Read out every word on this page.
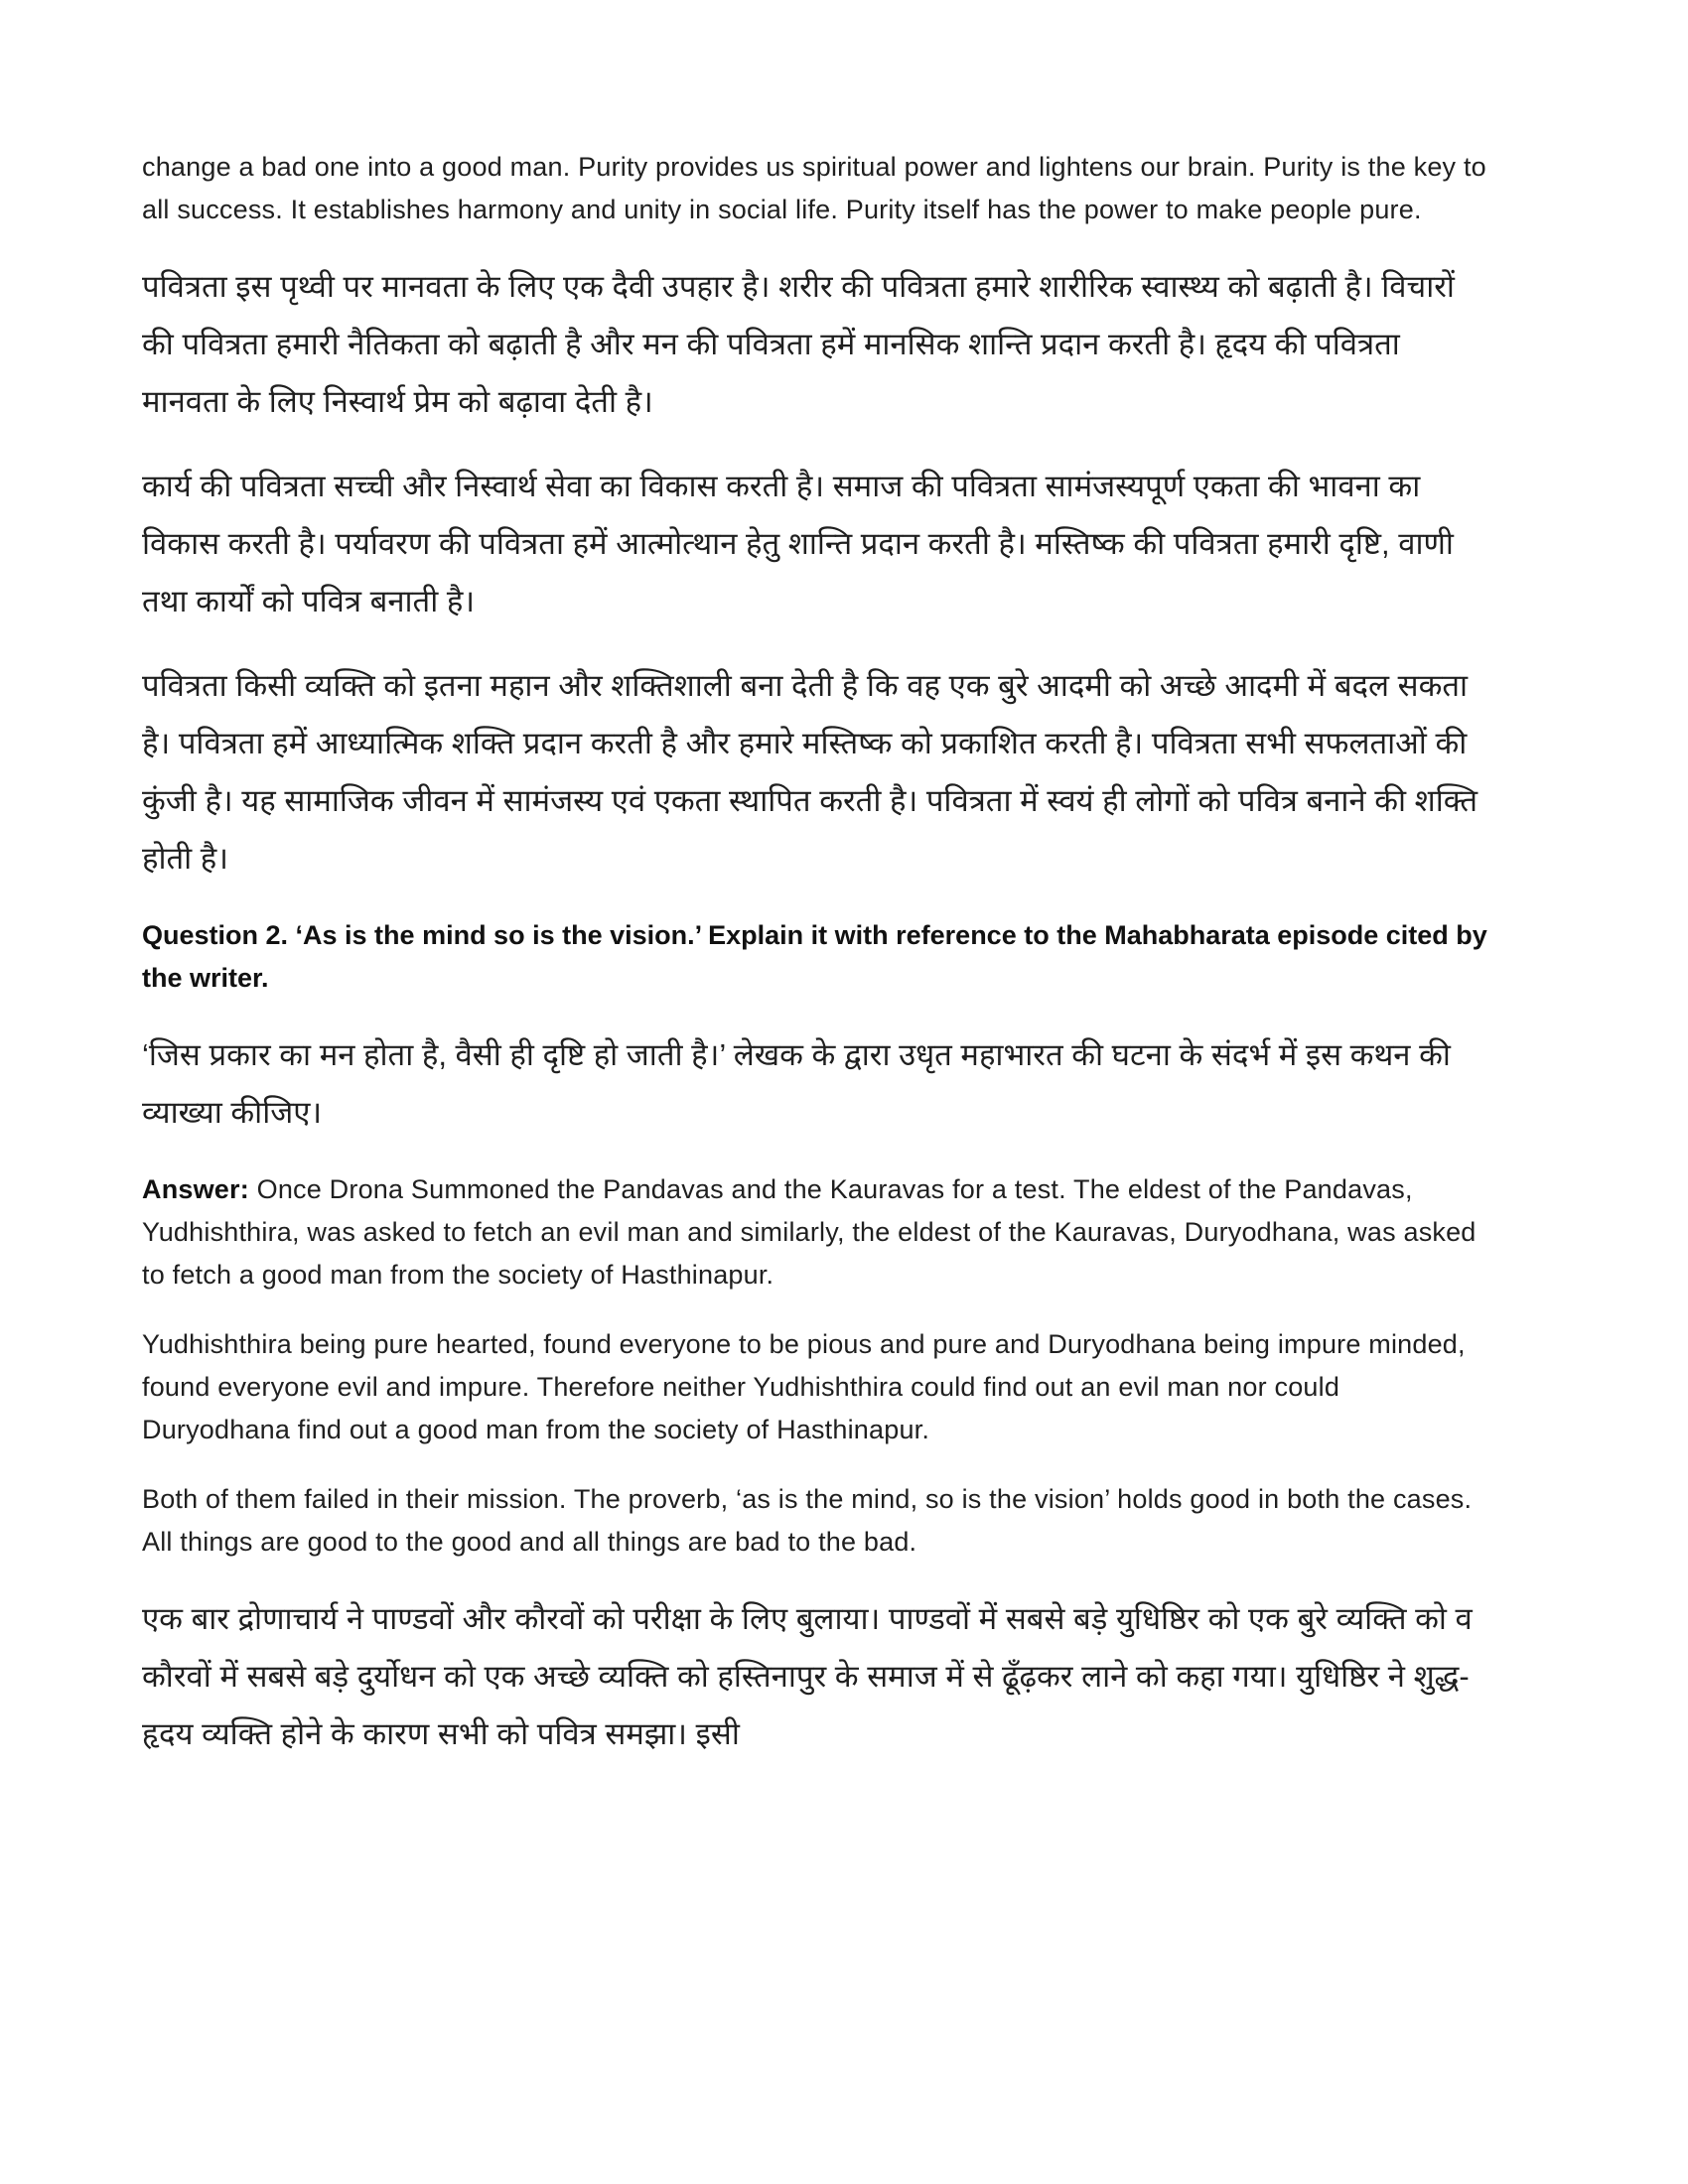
change a bad one into a good man. Purity provides us spiritual power and lightens our brain. Purity is the key to all success. It establishes harmony and unity in social life. Purity itself has the power to make people pure.

पवित्रता इस पृथ्वी पर मानवता के लिए एक दैवी उपहार है। शरीर की पवित्रता हमारे शारीरिक स्वास्थ्य को बढ़ाती है। विचारों की पवित्रता हमारी नैतिकता को बढ़ाती है और मन की पवित्रता हमें मानसिक शान्ति प्रदान करती है। हृदय की पवित्रता मानवता के लिए निस्वार्थ प्रेम को बढ़ावा देती है।

कार्य की पवित्रता सच्ची और निस्वार्थ सेवा का विकास करती है। समाज की पवित्रता सामंजस्यपूर्ण एकता की भावना का विकास करती है। पर्यावरण की पवित्रता हमें आत्मोत्थान हेतु शान्ति प्रदान करती है। मस्तिष्क की पवित्रता हमारी दृष्टि, वाणी तथा कार्यों को पवित्र बनाती है।

पवित्रता किसी व्यक्ति को इतना महान और शक्तिशाली बना देती है कि वह एक बुरे आदमी को अच्छे आदमी में बदल सकता है। पवित्रता हमें आध्यात्मिक शक्ति प्रदान करती है और हमारे मस्तिष्क को प्रकाशित करती है। पवित्रता सभी सफलताओं की कुंजी है। यह सामाजिक जीवन में सामंजस्य एवं एकता स्थापित करती है। पवित्रता में स्वयं ही लोगों को पवित्र बनाने की शक्ति होती है।

Question 2. ‘As is the mind so is the vision.’ Explain it with reference to the Mahabharata episode cited by the writer.

‘जिस प्रकार का मन होता है, वैसी ही दृष्टि हो जाती है।’ लेखक के द्वारा उधृत महाभारत की घटना के संदर्भ में इस कथन की व्याख्या कीजिए।

Answer: Once Drona Summoned the Pandavas and the Kauravas for a test. The eldest of the Pandavas, Yudhishthira, was asked to fetch an evil man and similarly, the eldest of the Kauravas, Duryodhana, was asked to fetch a good man from the society of Hasthinapur.

Yudhishthira being pure hearted, found everyone to be pious and pure and Duryodhana being impure minded, found everyone evil and impure. Therefore neither Yudhishthira could find out an evil man nor could Duryodhana find out a good man from the society of Hasthinapur.

Both of them failed in their mission. The proverb, ‘as is the mind, so is the vision’ holds good in both the cases. All things are good to the good and all things are bad to the bad.

एक बार द्रोणाचार्य ने पाण्डवों और कौरवों को परीक्षा के लिए बुलाया। पाण्डवों में सबसे बड़े युधिष्ठिर को एक बुरे व्यक्ति को व कौरवों में सबसे बड़े दुर्योधन को एक अच्छे व्यक्ति को हस्तिनापुर के समाज में से ढूँढ़कर लाने को कहा गया। युधिष्ठिर ने शुद्ध-हृदय व्यक्ति होने के कारण सभी को पवित्र समझा। इसी
